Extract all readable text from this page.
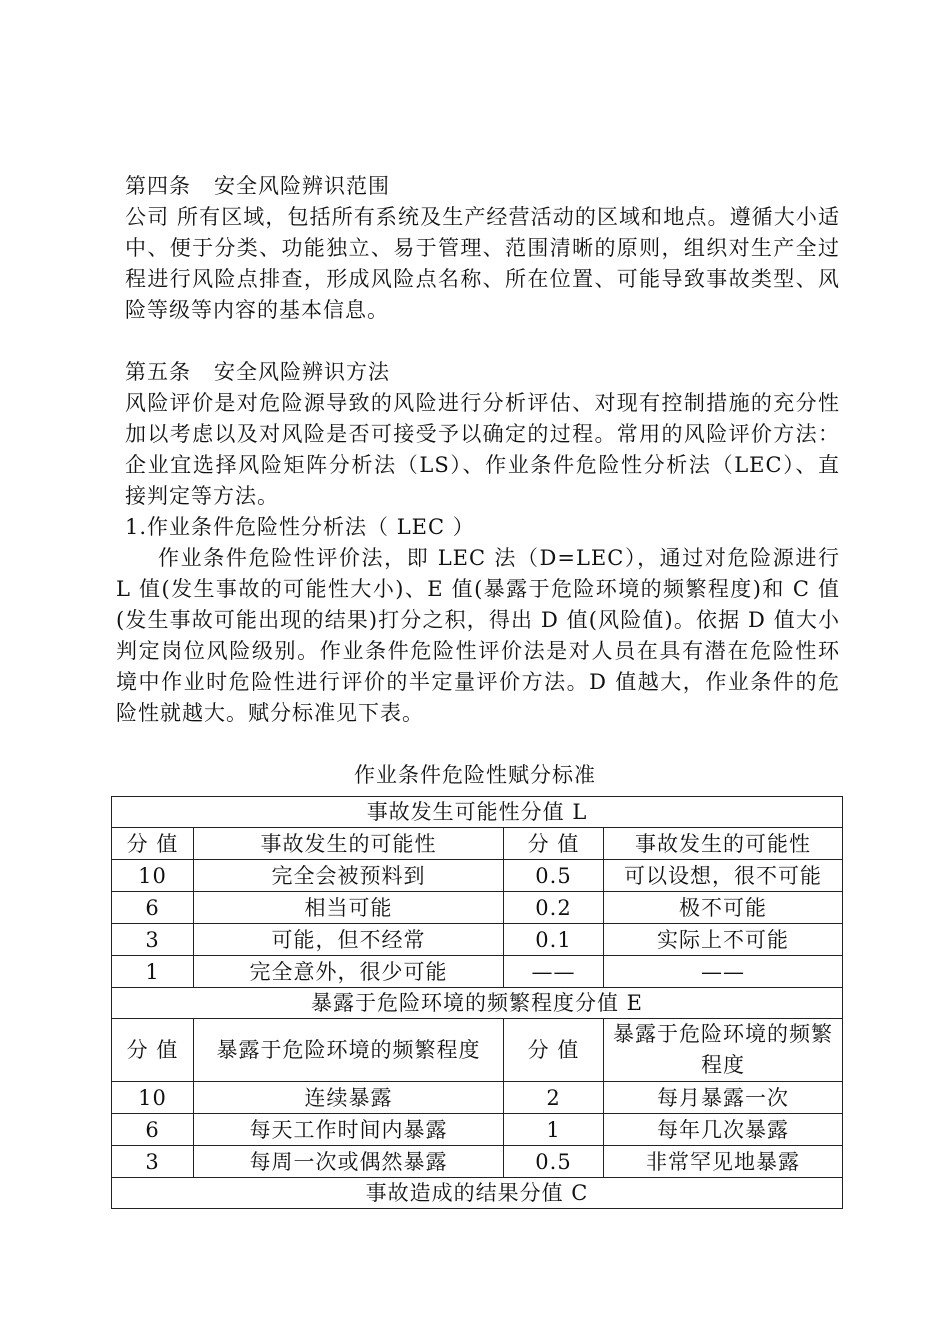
第四条   安全风险辨识范围
公司 所有区域，包括所有系统及生产经营活动的区域和地点。遵循大小适中、便于分类、功能独立、易于管理、范围清晰的原则，组织对生产全过程进行风险点排查，形成风险点名称、所在位置、可能导致事故类型、风险等级等内容的基本信息。
第五条   安全风险辨识方法
风险评价是对危险源导致的风险进行分析评估、对现有控制措施的充分性加以考虑以及对风险是否可接受予以确定的过程。常用的风险评价方法：企业宜选择风险矩阵分析法（LS）、作业条件危险性分析法（LEC）、直接判定等方法。
1.作业条件危险性分析法（ LEC ）
作业条件危险性评价法，即 LEC 法（D=LEC），通过对危险源进行 L 值(发生事故的可能性大小)、E 值(暴露于危险环境的频繁程度)和 C 值(发生事故可能出现的结果)打分之积，得出 D 值(风险值)。依据 D 值大小判定岗位风险级别。作业条件危险性评价法是对人员在具有潜在危险性环境中作业时危险性进行评价的半定量评价方法。D 值越大，作业条件的危险性就越大。赋分标准见下表。
作业条件危险性赋分标准
事故发生可能性分值 L			
分 值	事故发生的可能性	分 值	事故发生的可能性
10	完全会被预料到	0.5	可以设想，很不可能
6	相当可能	0.2	极不可能
3	可能，但不经常	0.1	实际上不可能
1	完全意外，很少可能	——	——
暴露于危险环境的频繁程度分值 E			
分 值	暴露于危险环境的频繁程度	分 值	暴露于危险环境的频繁程度
10	连续暴露	2	每月暴露一次
6	每天工作时间内暴露	1	每年几次暴露
3	每周一次或偶然暴露	0.5	非常罕见地暴露
事故造成的结果分值 C			
